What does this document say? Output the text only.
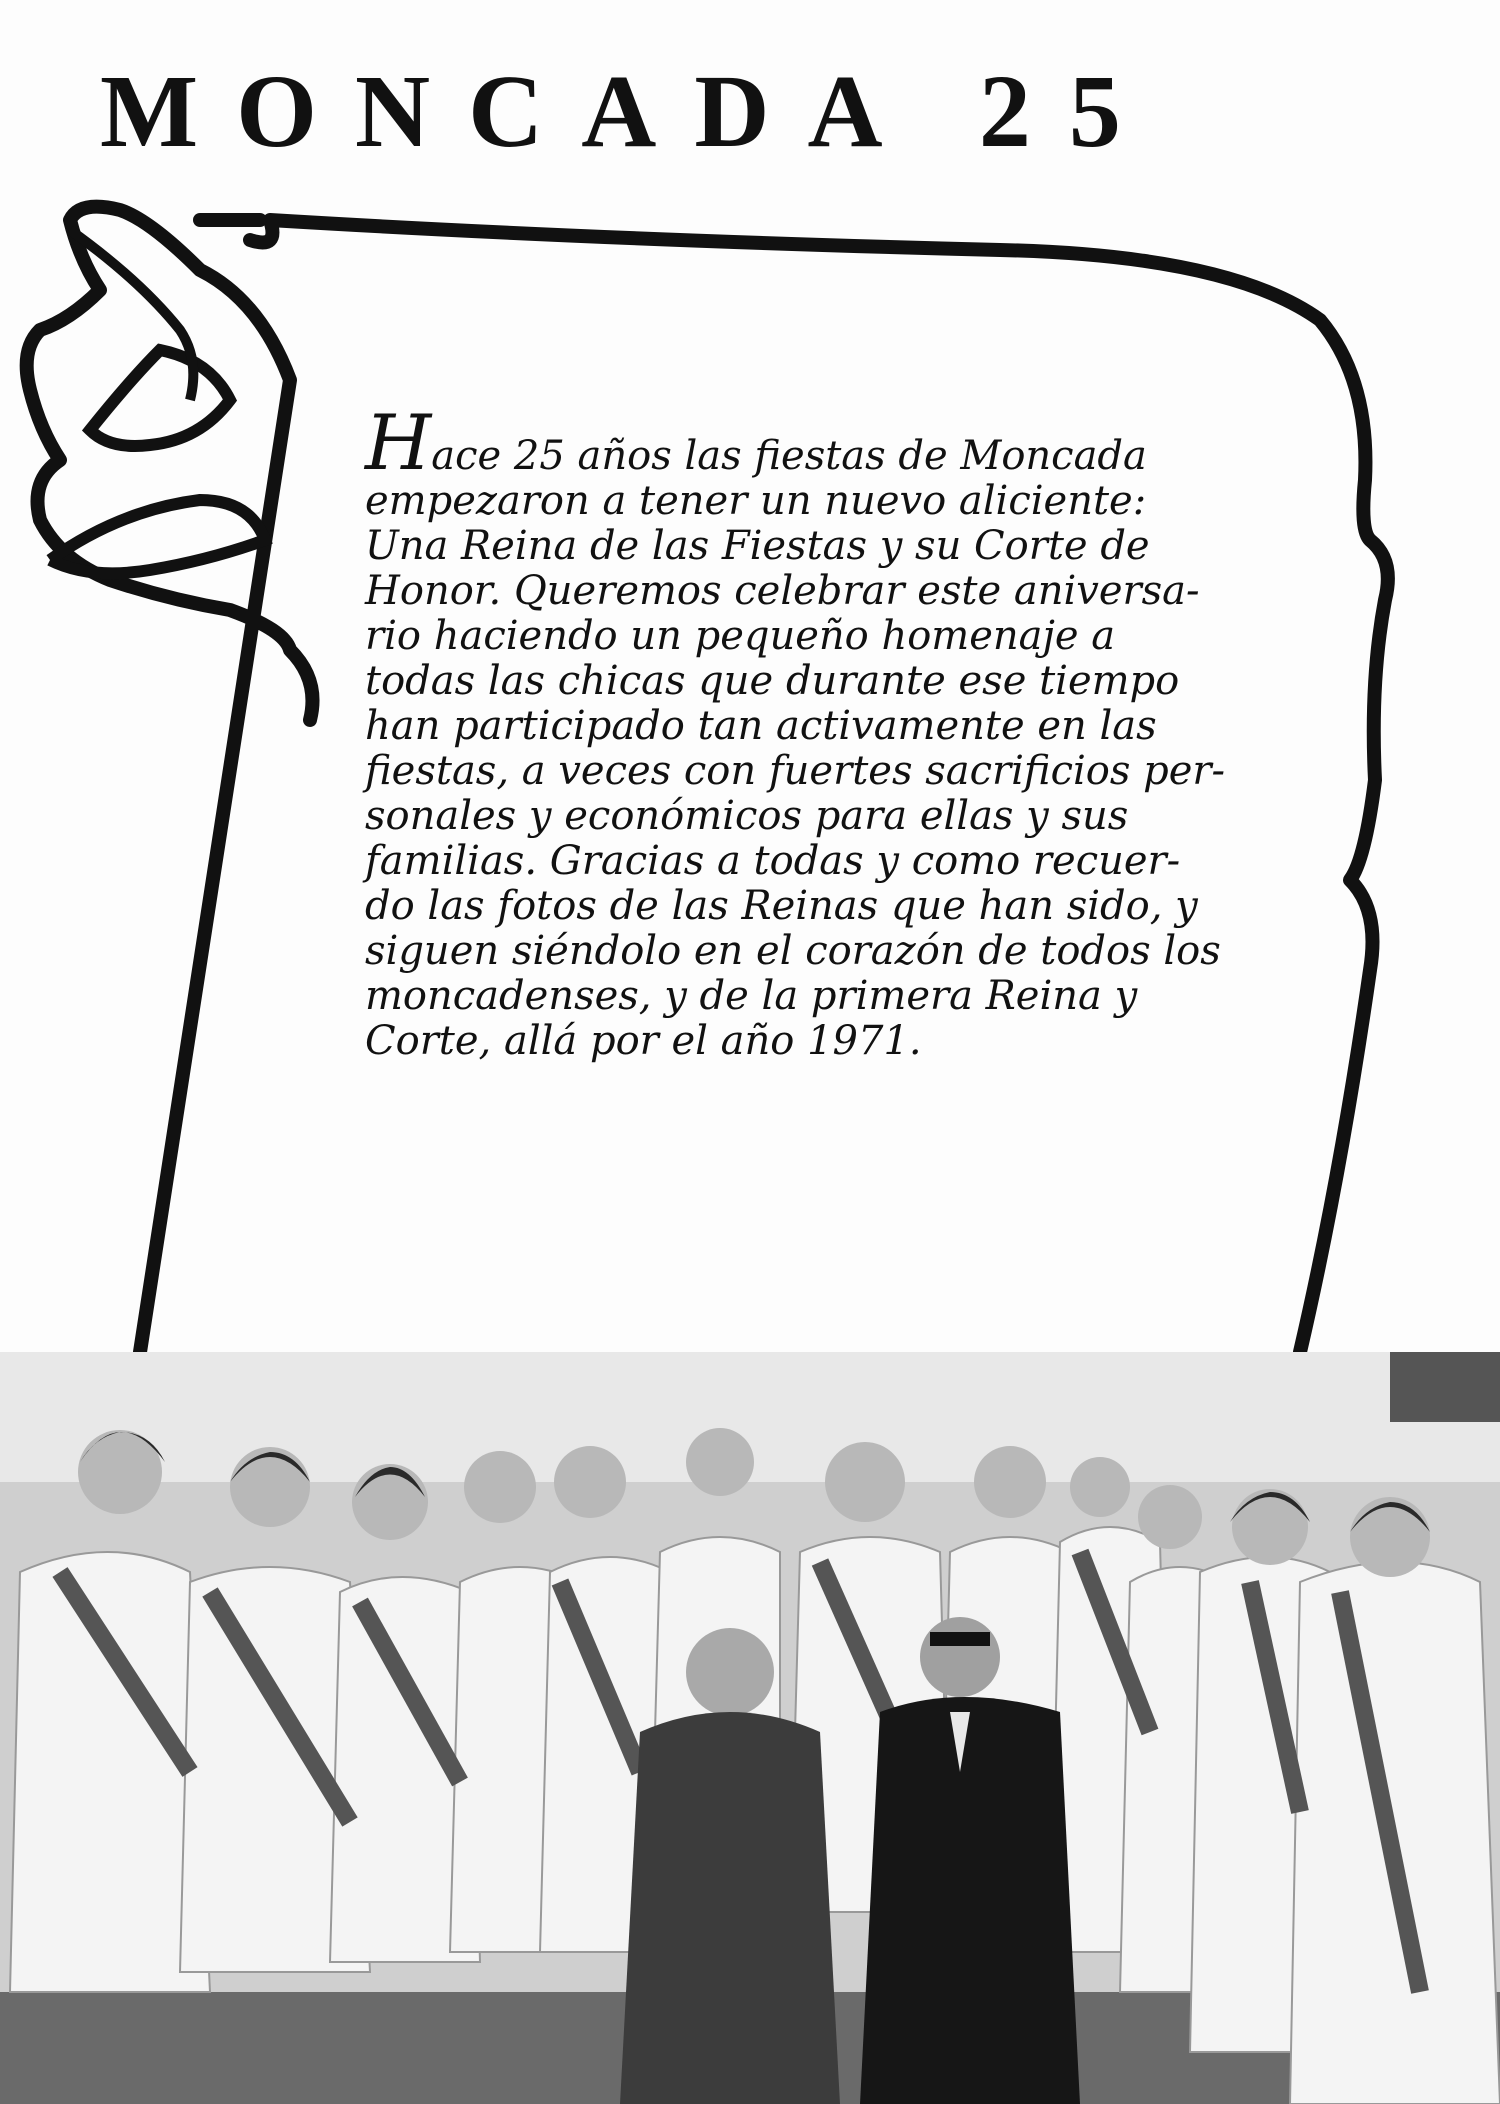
MONCADA 25
Hace 25 años las fiestas de Moncada
empezaron a tener un nuevo aliciente:
Una Reina de las Fiestas y su Corte de
Honor. Queremos celebrar este aniversa-
rio haciendo un pequeño homenaje a
todas las chicas que durante ese tiempo
han participado tan activamente en las
fiestas, a veces con fuertes sacrificios per-
sonales y económicos para ellas y sus
familias. Gracias a todas y como recuer-
do las fotos de las Reinas que han sido, y
siguen siéndolo en el corazón de todos los
moncadenses, y de la primera Reina y
Corte, allá por el año 1971.
